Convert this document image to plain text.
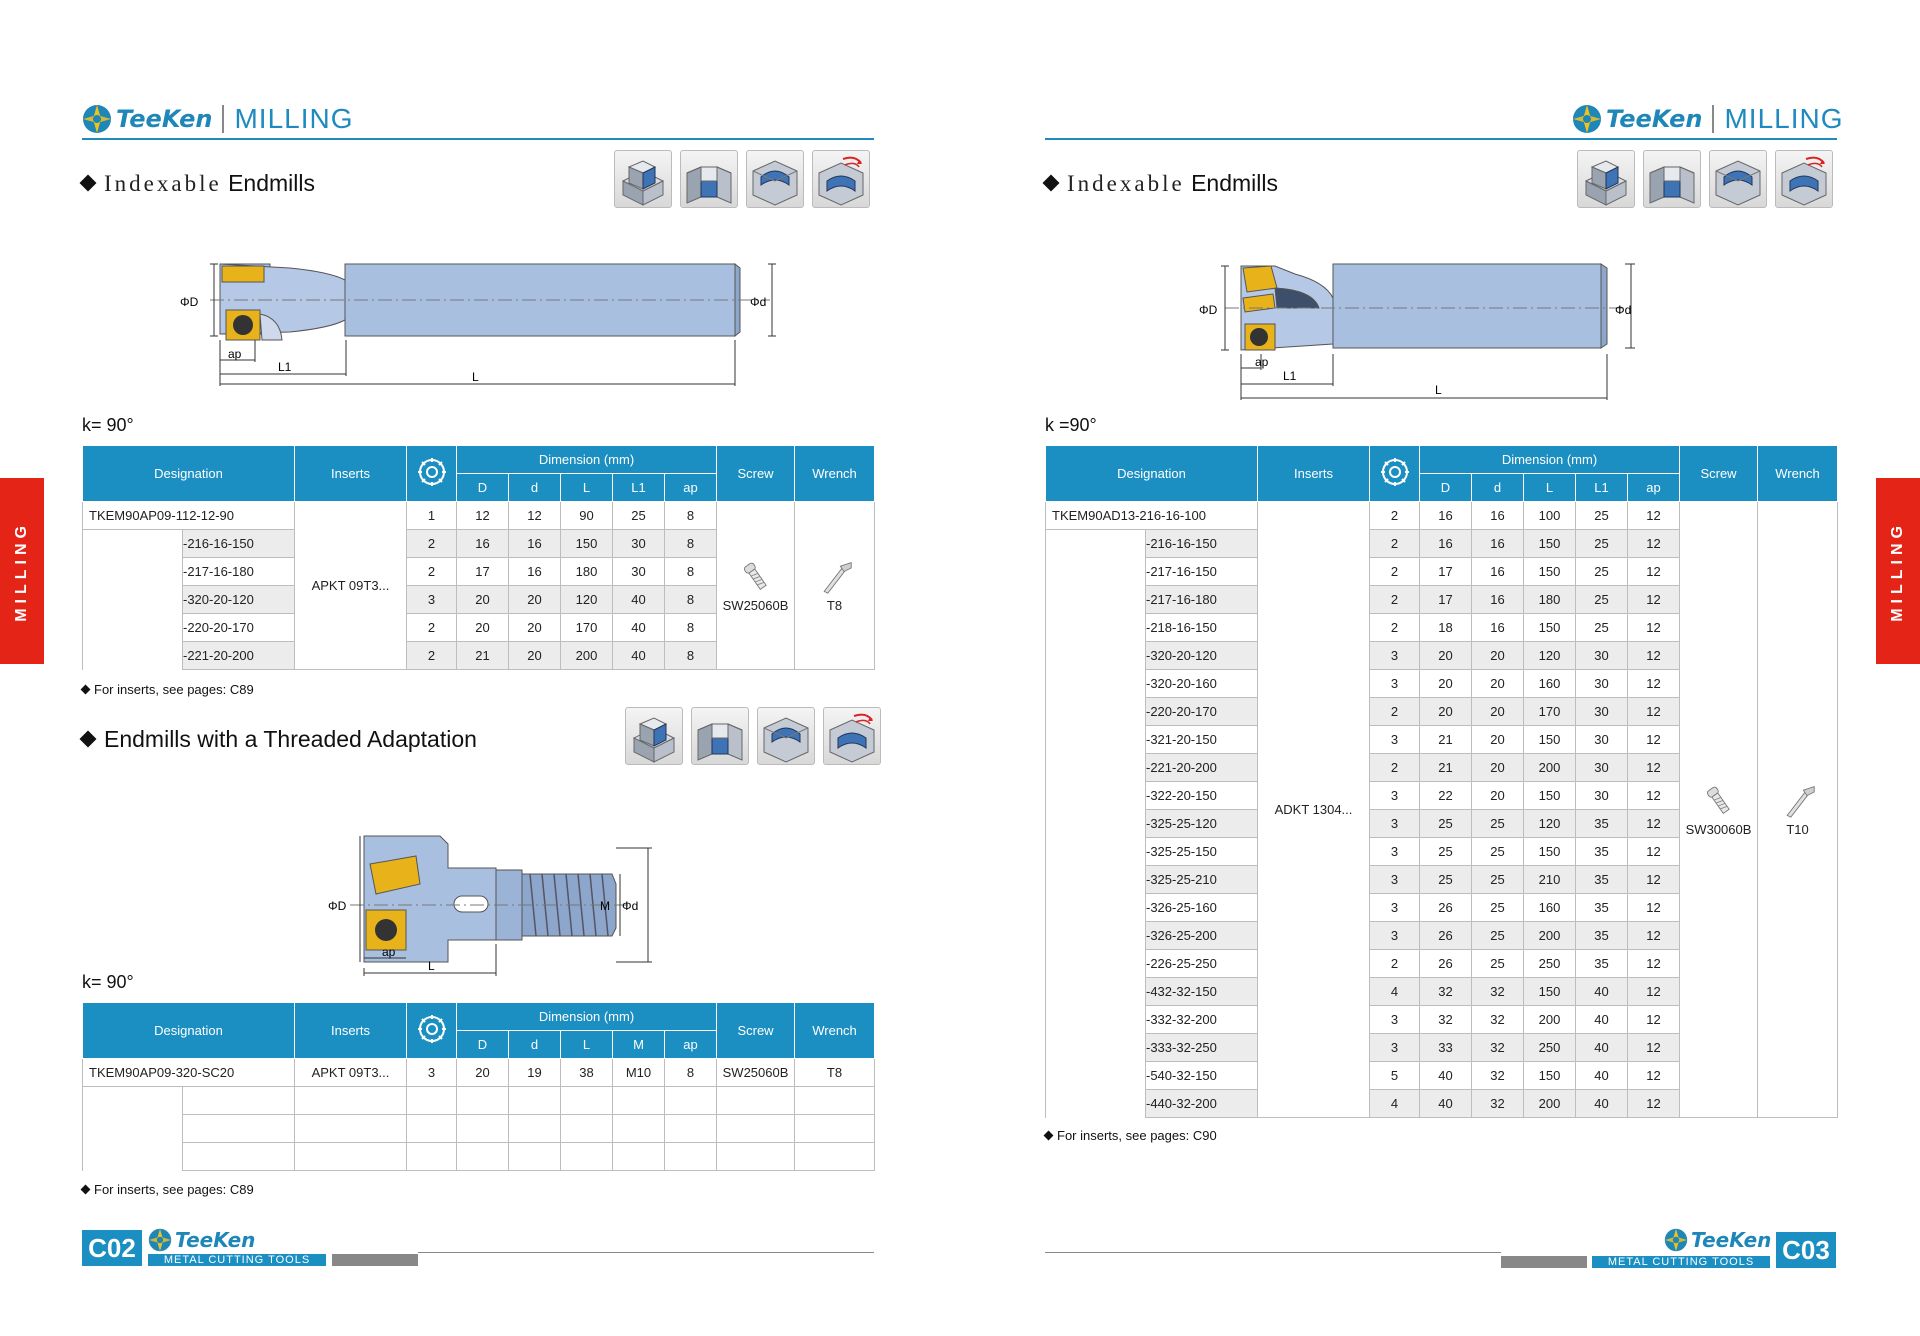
TeeKen MILLING
Indexable Endmills
ΦD	Φd
ap
L1
L
k= 90°
Designation		Inserts		Dimension (mm)					Screw	Wrench
				D	d	L	L1	ap		

TKEM90AP09-112-12-90		APKT 09T3...	1	12	12	90	25	8	SW25060B	T8

	-216-16-150		2	16	16	150	30	8		

	-217-16-180		2	17	16	180	30	8		

	-320-20-120		3	20	20	120	40	8		

	-220-20-170		2	20	20	170	40	8		

	-221-20-200		2	21	20	200	40	8		
For inserts, see pages: C89
Endmills with a Threaded Adaptation
ΦD	M Φd
ap
L
k= 90°
Designation		Inserts		Dimension (mm)					Screw	Wrench
				D	d	L	M	ap		

TKEM90AP09-320-SC20		APKT 09T3...	3	20	19	38	M10	8	SW25060B	T8

For inserts, see pages: C89
C02	TeeKen
METAL CUTTING TOOLS
MILLING
TeeKen MILLING
Indexable Endmills
ΦD	Φd
ap
L1
L
k =90°
Designation		Inserts		Dimension (mm)					Screw	Wrench
				D	d	L	L1	ap		

TKEM90AD13-216-16-100		ADKT 1304...	2	16	16	100	25	12	SW30060B	T10

	-216-16-150		2	16	16	150	25	12		

	-217-16-150		2	17	16	150	25	12		

	-217-16-180		2	17	16	180	25	12		

	-218-16-150		2	18	16	150	25	12		

	-320-20-120		3	20	20	120	30	12		

	-320-20-160		3	20	20	160	30	12		

	-220-20-170		2	20	20	170	30	12		

	-321-20-150		3	21	20	150	30	12		

	-221-20-200		2	21	20	200	30	12		

	-322-20-150		3	22	20	150	30	12		

	-325-25-120		3	25	25	120	35	12		

	-325-25-150		3	25	25	150	35	12		

	-325-25-210		3	25	25	210	35	12		

	-326-25-160		3	26	25	160	35	12		

	-326-25-200		3	26	25	200	35	12		

	-226-25-250		2	26	25	250	35	12		

	-432-32-150		4	32	32	150	40	12		

	-332-32-200		3	32	32	200	40	12		

	-333-32-250		3	33	32	250	40	12		

	-540-32-150		5	40	32	150	40	12		

	-440-32-200		4	40	32	200	40	12		
For inserts, see pages: C90
TeeKen
METAL CUTTING TOOLS	C03
MILLING
